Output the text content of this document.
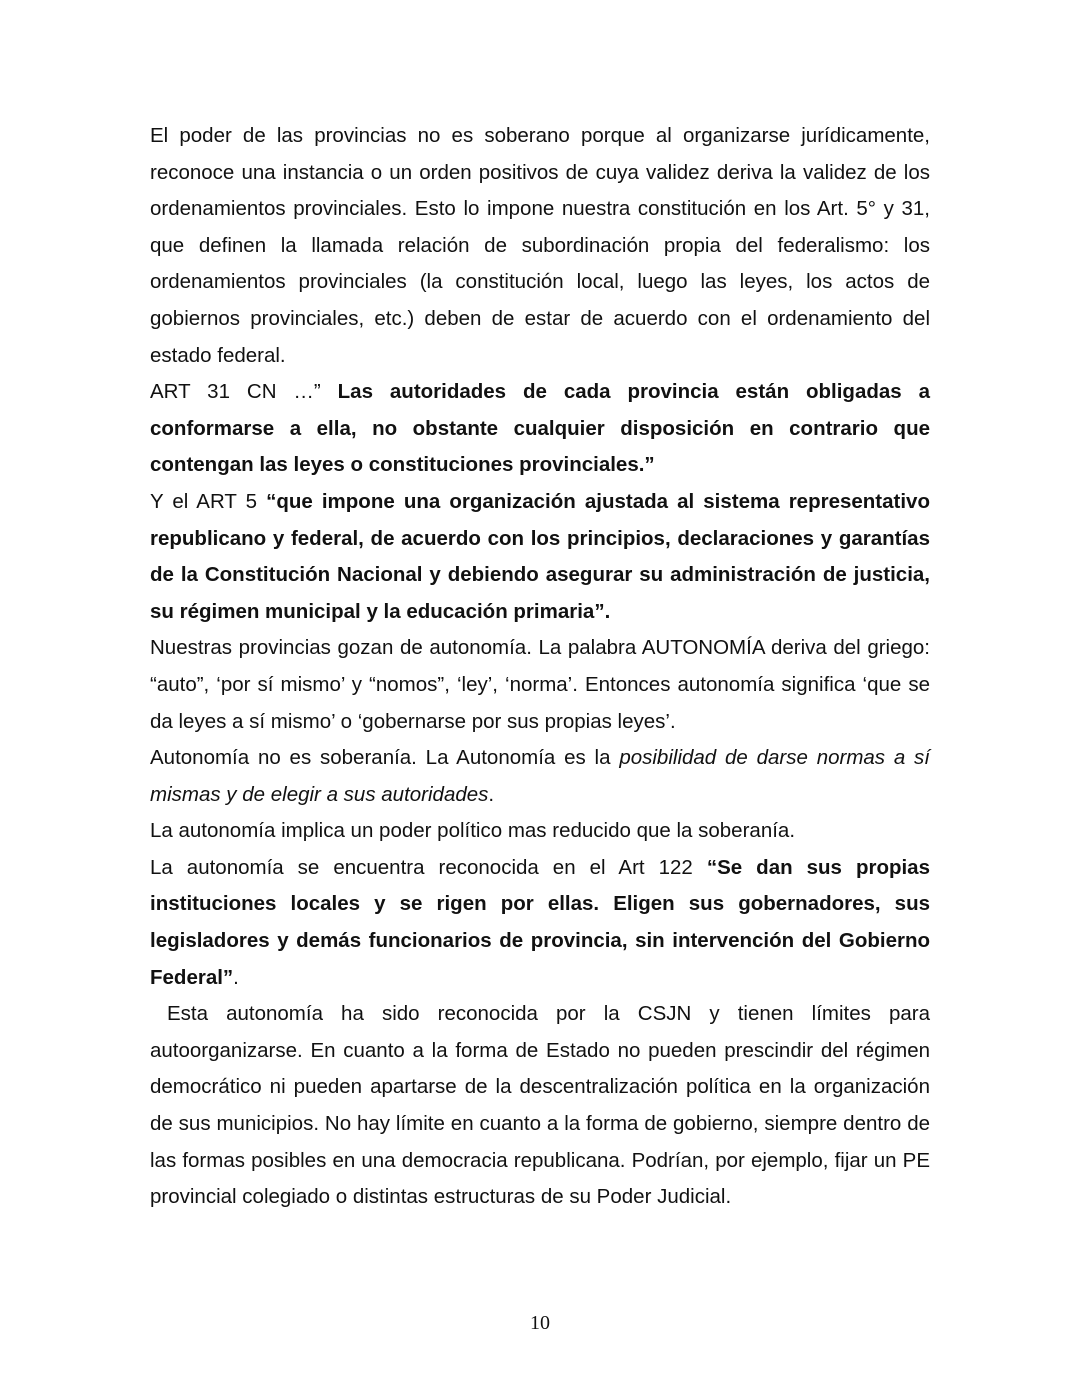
El poder de las provincias no es soberano porque al organizarse jurídicamente, reconoce una instancia o un orden positivos de cuya validez deriva la validez de los ordenamientos provinciales. Esto lo impone nuestra constitución en los Art. 5° y 31, que definen la llamada relación de subordinación propia del federalismo: los ordenamientos provinciales (la constitución local, luego las leyes, los actos de gobiernos provinciales, etc.) deben de estar de acuerdo con el ordenamiento del estado federal.

ART 31 CN …” Las autoridades de cada provincia están obligadas a conformarse a ella, no obstante cualquier disposición en contrario que contengan las leyes o constituciones provinciales.”

Y el ART 5 “que impone una organización ajustada al sistema representativo republicano y federal, de acuerdo con los principios, declaraciones y garantías de la Constitución Nacional y debiendo asegurar su administración de justicia, su régimen municipal y la educación primaria”.

Nuestras provincias gozan de autonomía. La palabra AUTONOMÍA deriva del griego: “auto”, ‘por sí mismo’ y “nomos”, ‘ley’, ‘norma’. Entonces autonomía significa ‘que se da leyes a sí mismo’ o ‘gobernarse por sus propias leyes’.

Autonomía no es soberanía. La Autonomía es la posibilidad de darse normas a sí mismas y de elegir a sus autoridades.

La autonomía implica un poder político mas reducido que la soberanía.

La autonomía se encuentra reconocida en el Art 122 “Se dan sus propias instituciones locales y se rigen por ellas. Eligen sus gobernadores, sus legisladores y demás funcionarios de provincia, sin intervención del Gobierno Federal”.

Esta autonomía ha sido reconocida por la CSJN y tienen límites para autoorganizarse. En cuanto a la forma de Estado no pueden prescindir del régimen democrático ni pueden apartarse de la descentralización política en la organización de sus municipios. No hay límite en cuanto a la forma de gobierno, siempre dentro de las formas posibles en una democracia republicana. Podrían, por ejemplo, fijar un PE provincial colegiado o distintas estructuras de su Poder Judicial.

10
